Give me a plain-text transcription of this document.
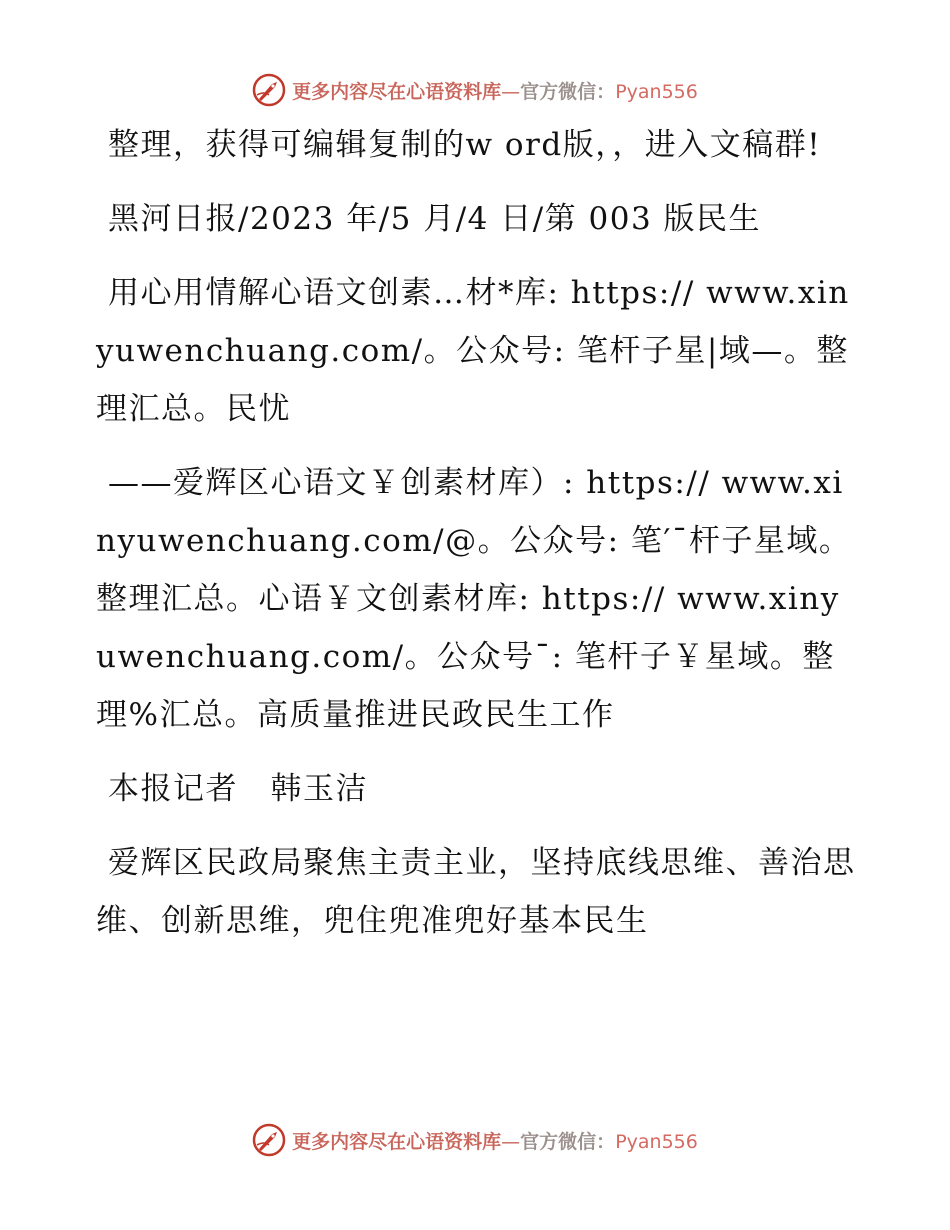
更多内容尽在心语资料库—官方微信：Pyan556

整理，获得可编辑复制的w ord版，，进入文稿群!

黑河日报/2023 年/5 月/4 日/第 003 版民生

用心用情解心语文创素…材*库: https:// www.xinyuwenchuang.com/。公众号: 笔杆子星|域—。整理汇总。民忧

——爱辉区心语文￥创素材库）: https:// www.xinyuwenchuang.com/@。公众号: 笔′¯杆子星域。整理汇总。心语￥文创素材库: https:// www.xinyuwenchuang.com/。公众号¯: 笔杆子￥星域。整理%汇总。高质量推进民政民生工作

本报记者　韩玉洁

爱辉区民政局聚焦主责主业，坚持底线思维、善治思维、创新思维，兜住兜准兜好基本民生

更多内容尽在心语资料库—官方微信：Pyan556
